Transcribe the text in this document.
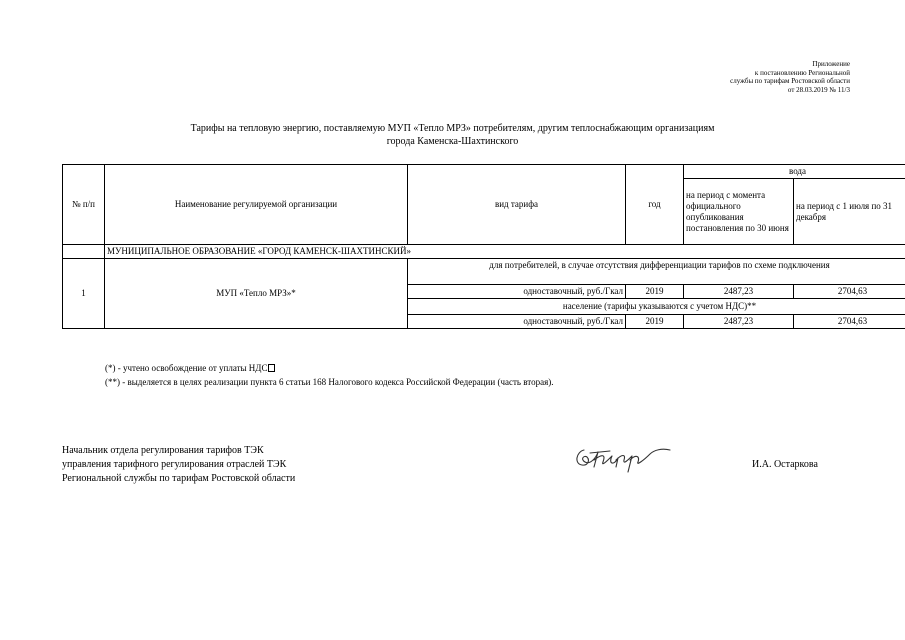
Приложение
к постановлению Региональной
службы по тарифам Ростовской области
от 28.03.2019 № 11/3
Тарифы на тепловую энергию, поставляемую МУП «Тепло МРЗ» потребителям, другим теплоснабжающим организациям
города Каменска-Шахтинского
№ п/п	Наименование регулируемой организации	вид тарифа	год	вода	
				на период с момента официального опубликования постановления по 30 июня	на период с 1 июля по 31 декабря
	МУНИЦИПАЛЬНОЕ ОБРАЗОВАНИЕ «ГОРОД КАМЕНСК-ШАХТИНСКИЙ»				
1	МУП «Тепло МРЗ»*	для потребителей, в случае отсутствия дифференциации тарифов по схеме подключения			
		одноставочный, руб./Гкал	2019	2487,23	2704,63
		население (тарифы указываются с учетом НДС)**			
		одноставочный, руб./Гкал	2019	2487,23	2704,63
(*) - учтено освобождение от уплаты НДС
(**) - выделяется в целях реализации пункта 6 статьи 168 Налогового кодекса Российской Федерации (часть вторая).
Начальник отдела регулирования тарифов ТЭК
управления тарифного регулирования отраслей ТЭК
Региональной службы по тарифам Ростовской области
И.А. Остаркова
